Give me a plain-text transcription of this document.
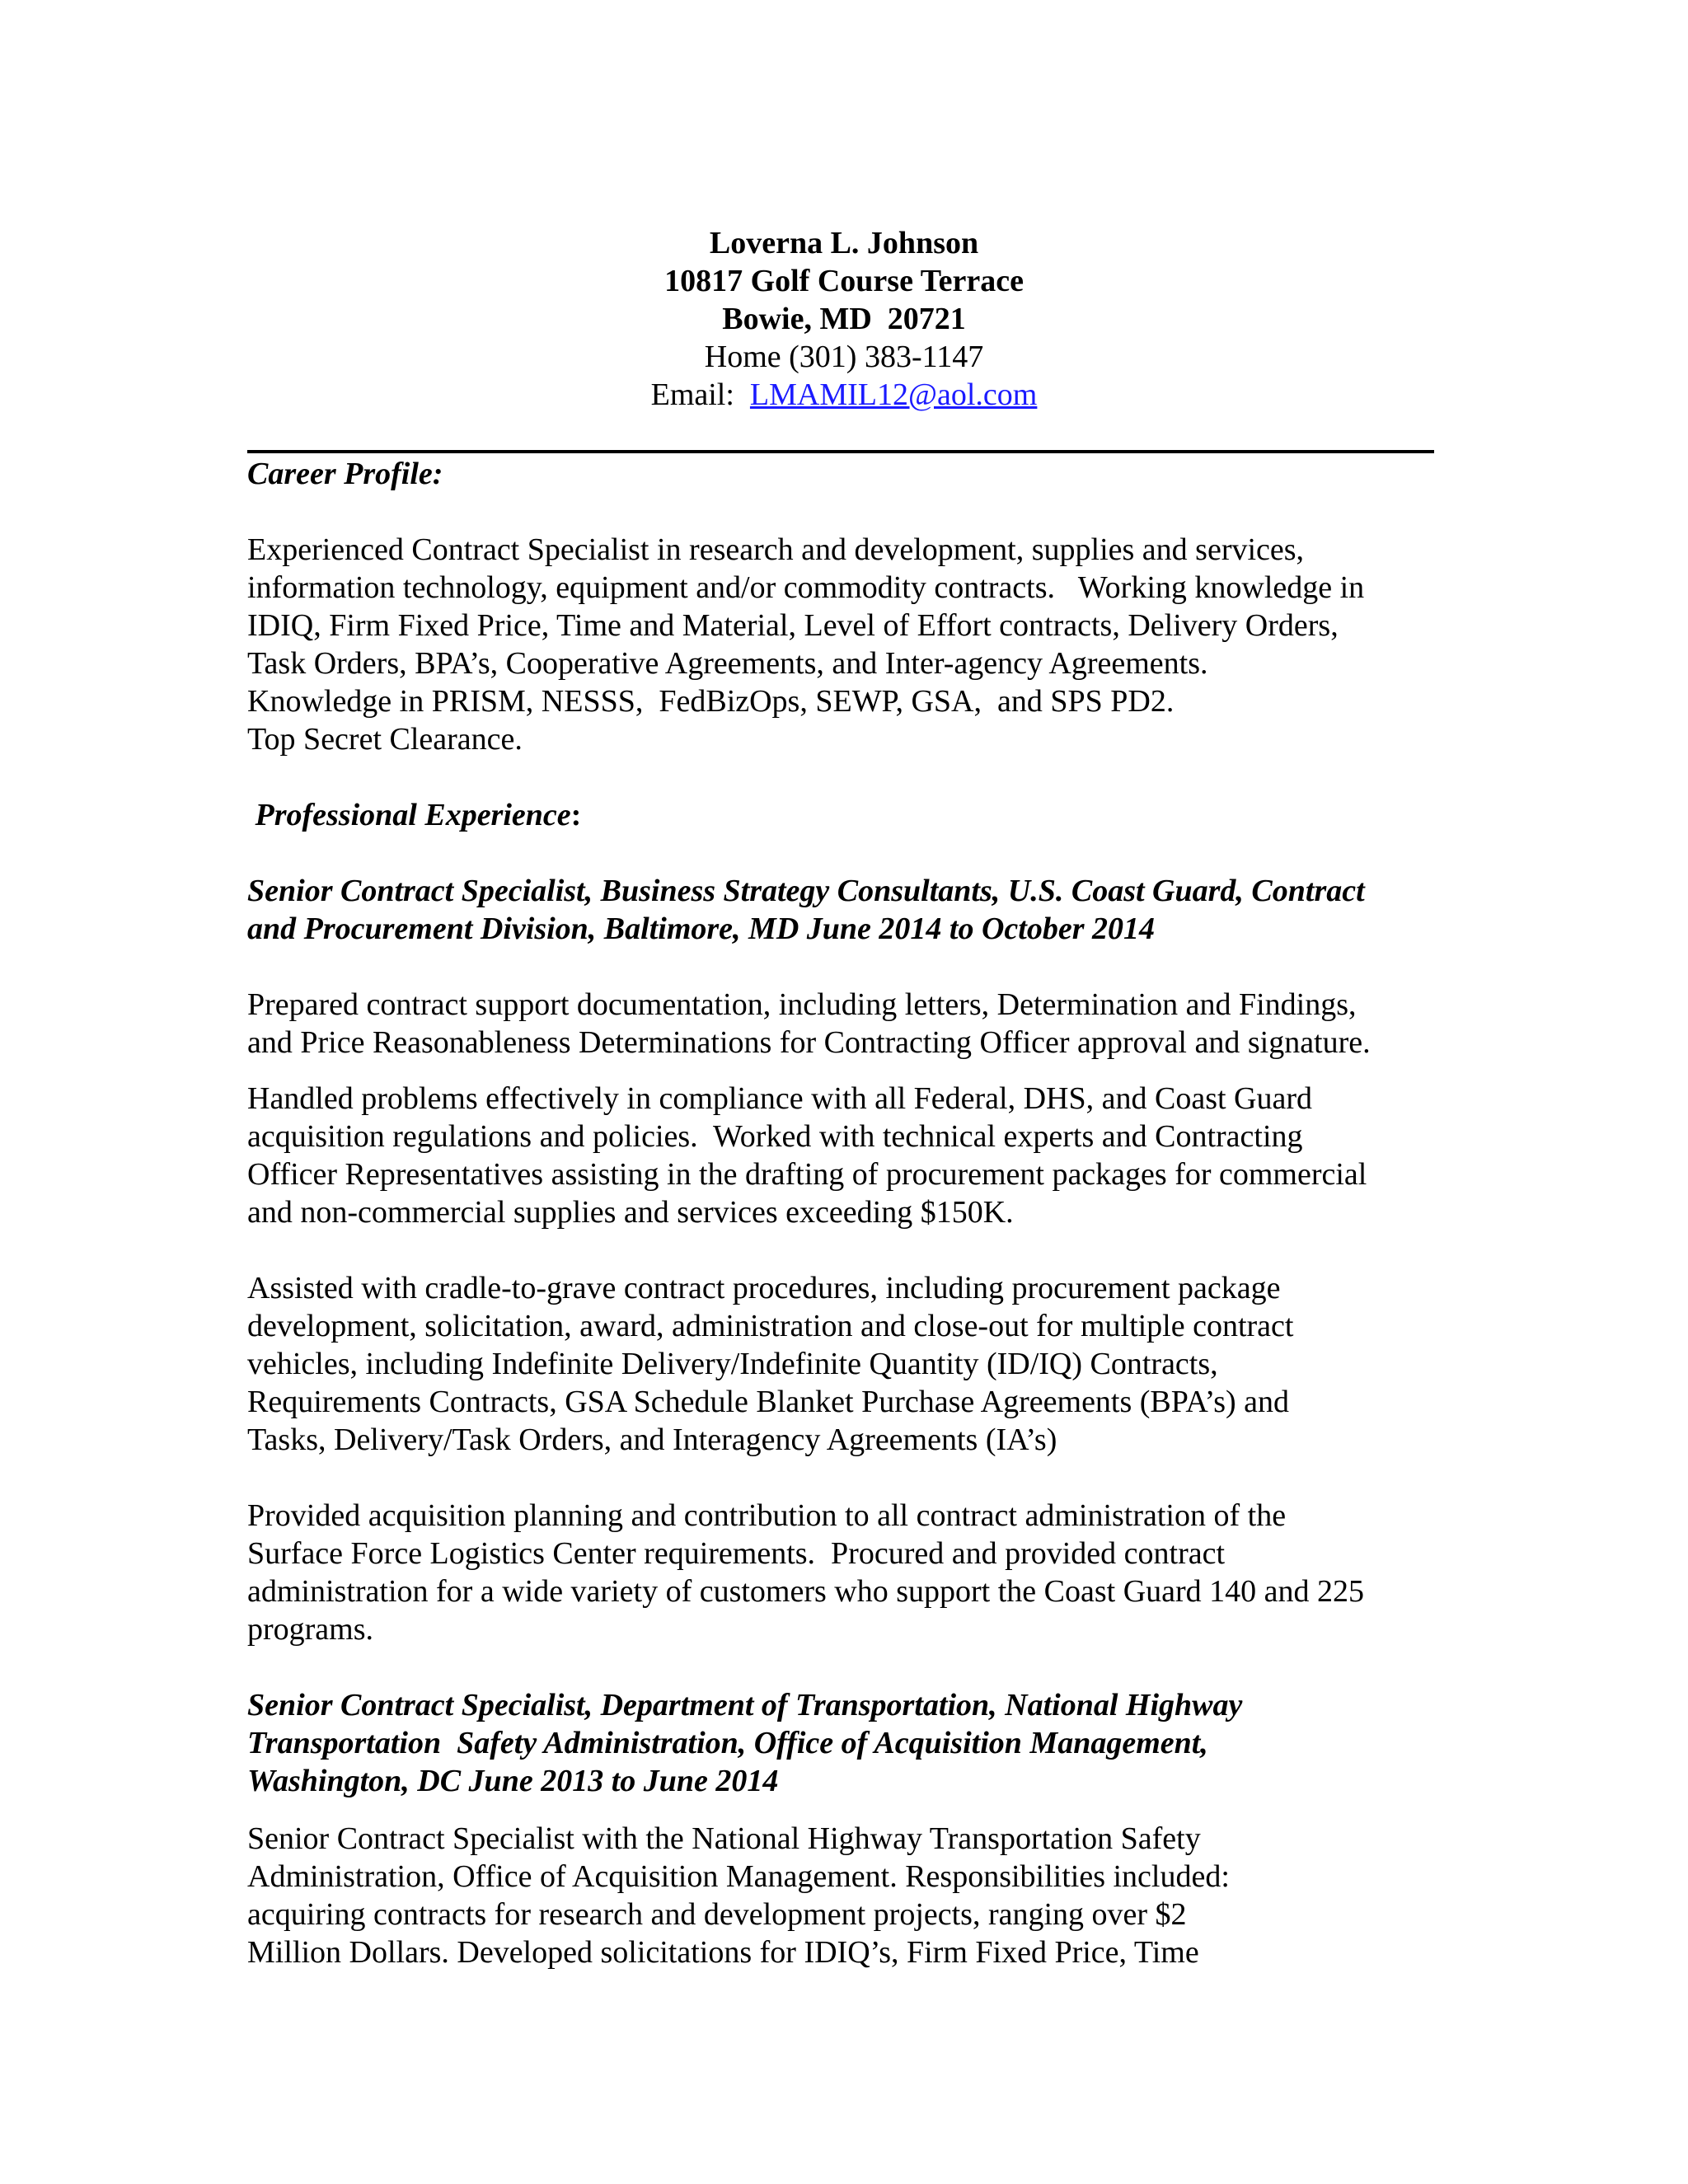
Loverna L. Johnson
10817 Golf Course Terrace
Bowie, MD  20721
Home (301) 383-1147
Email:  LMAMIL12@aol.com

Career Profile:

Experienced Contract Specialist in research and development, supplies and services,

information technology, equipment and/or commodity contracts.   Working knowledge in

IDIQ, Firm Fixed Price, Time and Material, Level of Effort contracts, Delivery Orders,

Task Orders, BPA’s, Cooperative Agreements, and Inter-agency Agreements.

Knowledge in PRISM, NESSS,  FedBizOps, SEWP, GSA,  and SPS PD2.

Top Secret Clearance.

Professional Experience:

Senior Contract Specialist, Business Strategy Consultants, U.S. Coast Guard, Contract

and Procurement Division, Baltimore, MD June 2014 to October 2014

Prepared contract support documentation, including letters, Determination and Findings,

and Price Reasonableness Determinations for Contracting Officer approval and signature.

Handled problems effectively in compliance with all Federal, DHS, and Coast Guard

acquisition regulations and policies.  Worked with technical experts and Contracting

Officer Representatives assisting in the drafting of procurement packages for commercial

and non-commercial supplies and services exceeding $150K.

Assisted with cradle-to-grave contract procedures, including procurement package

development, solicitation, award, administration and close-out for multiple contract

vehicles, including Indefinite Delivery/Indefinite Quantity (ID/IQ) Contracts,

Requirements Contracts, GSA Schedule Blanket Purchase Agreements (BPA’s) and

Tasks, Delivery/Task Orders, and Interagency Agreements (IA’s)

Provided acquisition planning and contribution to all contract administration of the

Surface Force Logistics Center requirements.  Procured and provided contract

administration for a wide variety of customers who support the Coast Guard 140 and 225

programs.

Senior Contract Specialist, Department of Transportation, National Highway

Transportation  Safety Administration, Office of Acquisition Management,

Washington, DC June 2013 to June 2014

Senior Contract Specialist with the National Highway Transportation Safety

Administration, Office of Acquisition Management. Responsibilities included:

acquiring contracts for research and development projects, ranging over $2

Million Dollars. Developed solicitations for IDIQ’s, Firm Fixed Price, Time
